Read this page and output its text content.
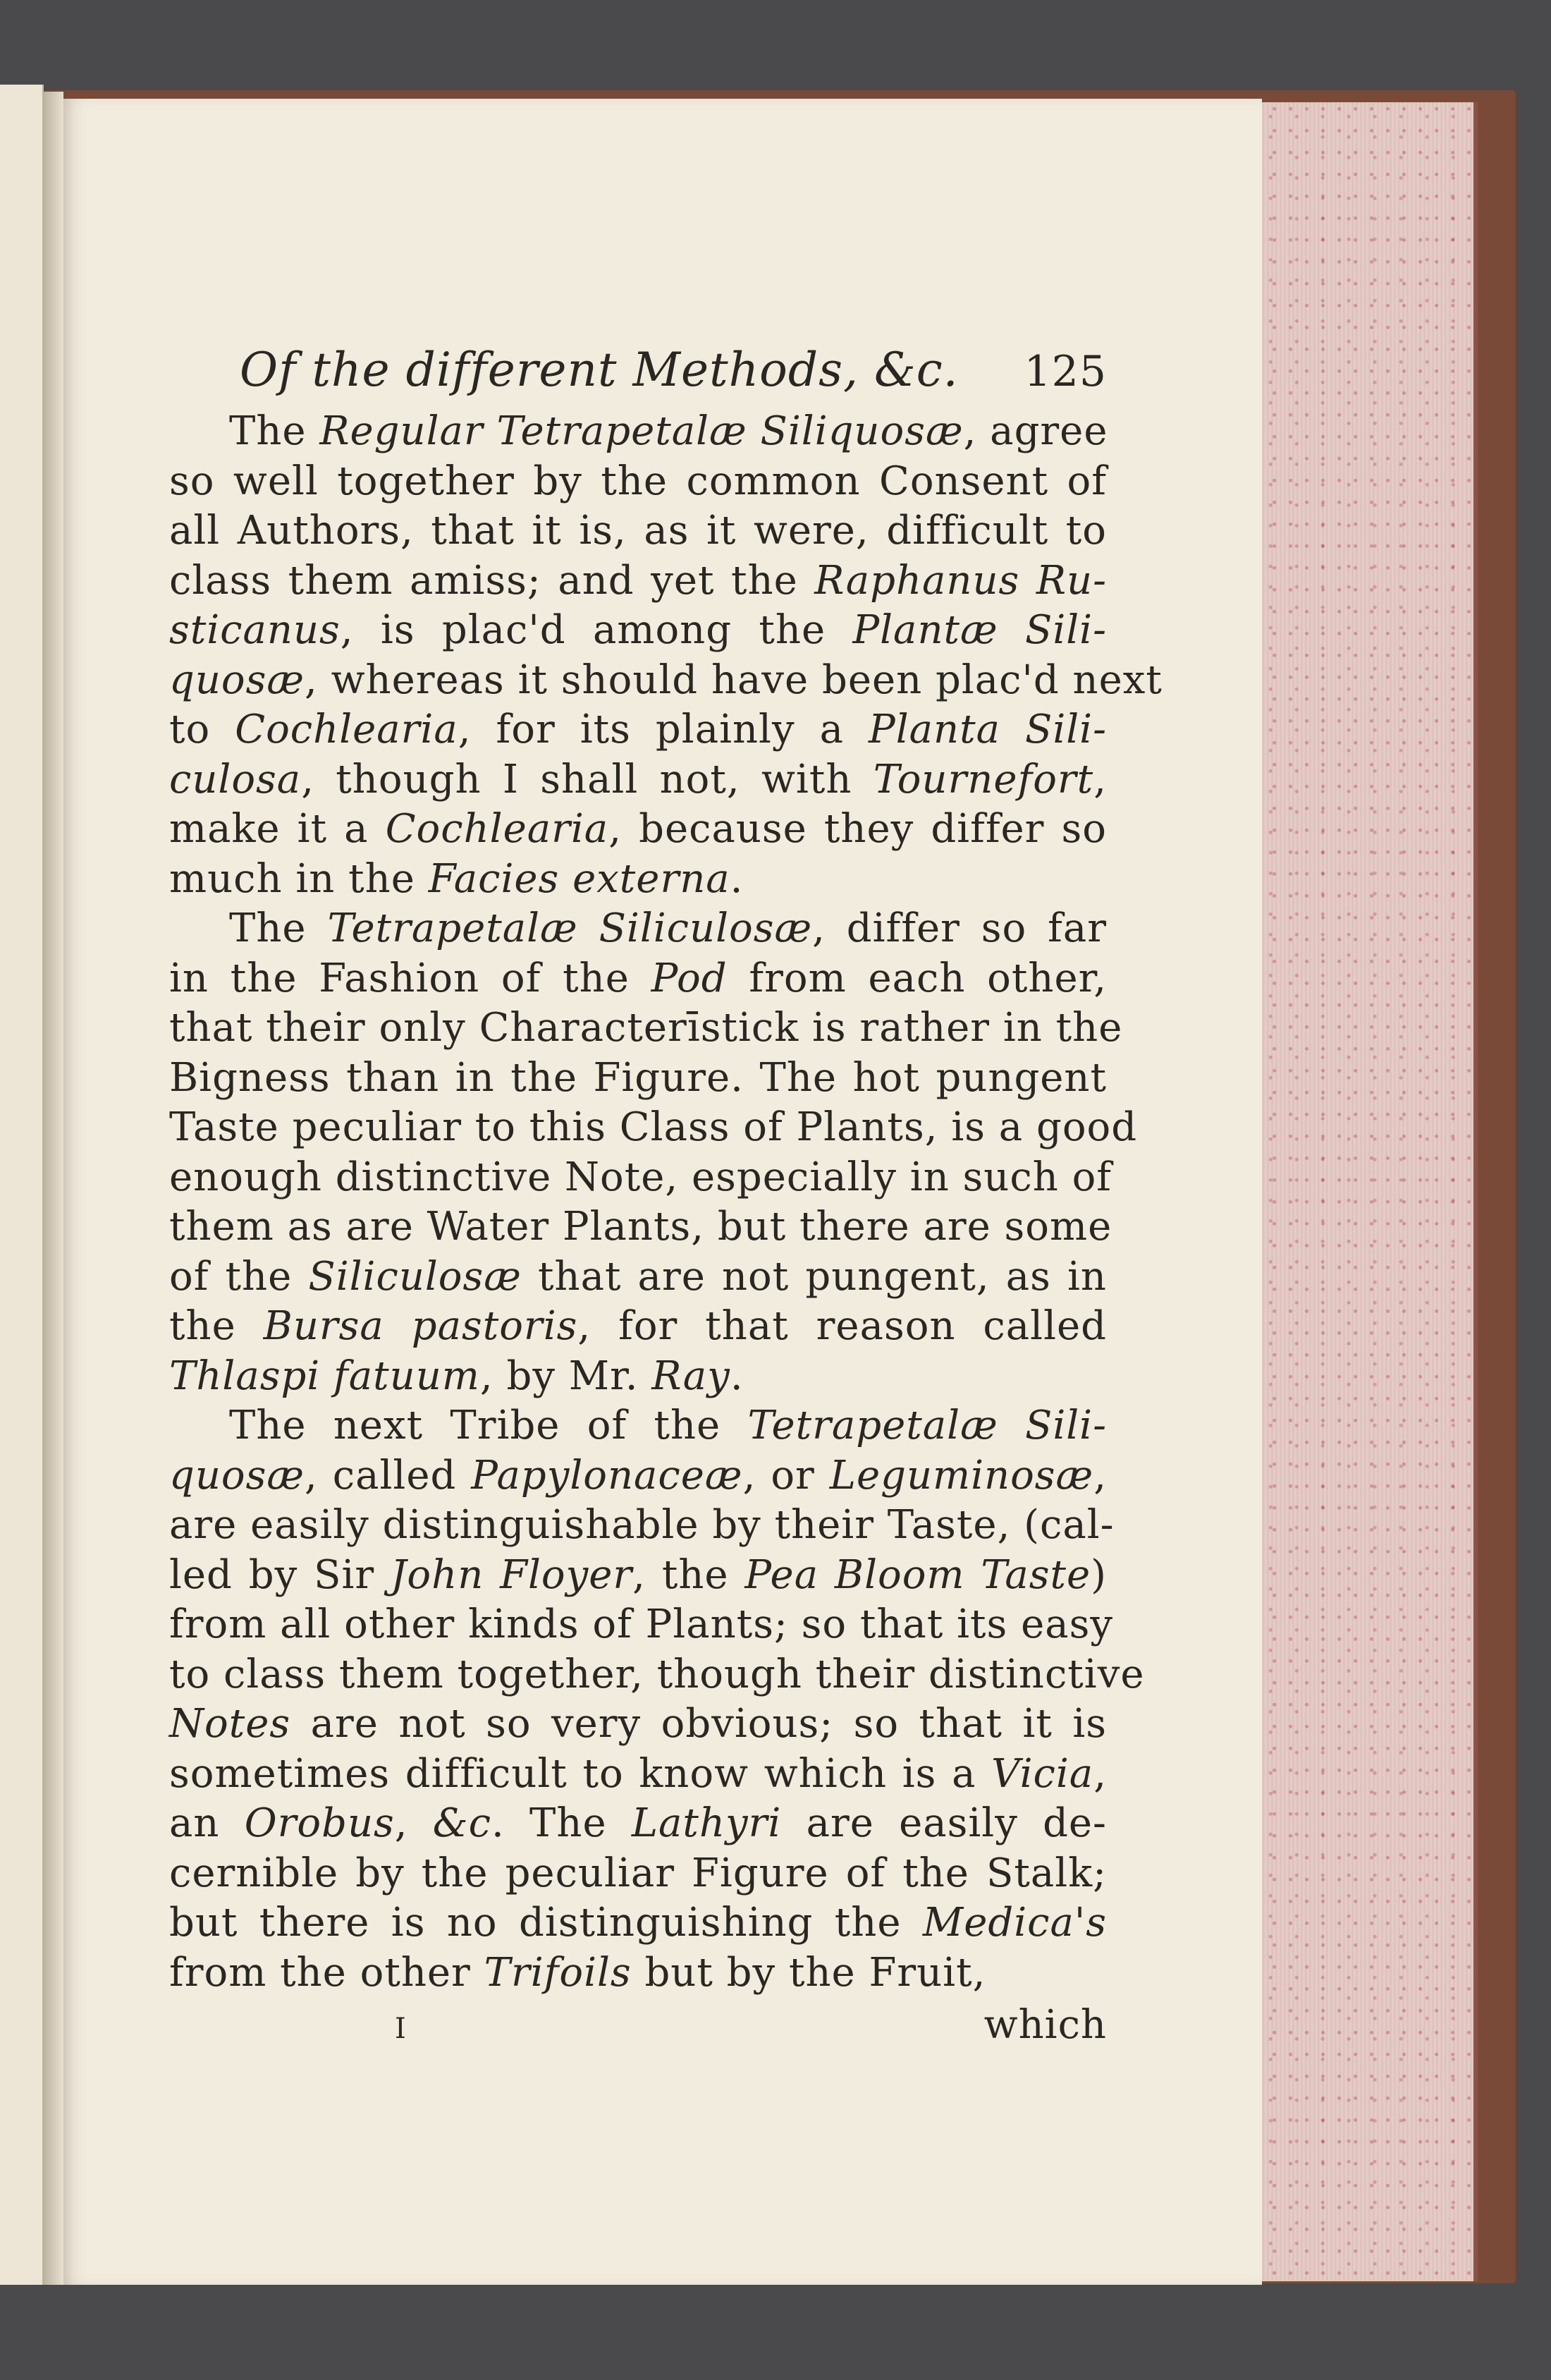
Of the different Methods, &c. 125
The Regular Tetrapetalæ Siliquosæ, agree
so well together by the common Consent of
all Authors, that it is, as it were, difficult to
class them amiss; and yet the Raphanus Ru-
sticanus, is plac'd among the Plantæ Sili-
quosæ, whereas it should have been plac'd next
to Cochlearia, for its plainly a Planta Sili-
culosa, though I shall not, with Tournefort,
make it a Cochlearia, because they differ so
much in the Facies externa.
The Tetrapetalæ Siliculosæ, differ so far
in the Fashion of the Pod from each other,
that their only Characterīstick is rather in the
Bigness than in the Figure. The hot pungent
Taste peculiar to this Class of Plants, is a good
enough distinctive Note, especially in such of
them as are Water Plants, but there are some
of the Siliculosæ that are not pungent, as in
the Bursa pastoris, for that reason called
Thlaspi fatuum, by Mr. Ray.
The next Tribe of the Tetrapetalæ Sili-
quosæ, called Papylonaceæ, or Leguminosæ,
are easily distinguishable by their Taste, (cal-
led by Sir John Floyer, the Pea Bloom Taste)
from all other kinds of Plants; so that its easy
to class them together, though their distinctive
Notes are not so very obvious; so that it is
sometimes difficult to know which is a Vicia,
an Orobus, &c. The Lathyri are easily de-
cernible by the peculiar Figure of the Stalk;
but there is no distinguishing the Medica's
from the other Trifoils but by the Fruit,
I	which
